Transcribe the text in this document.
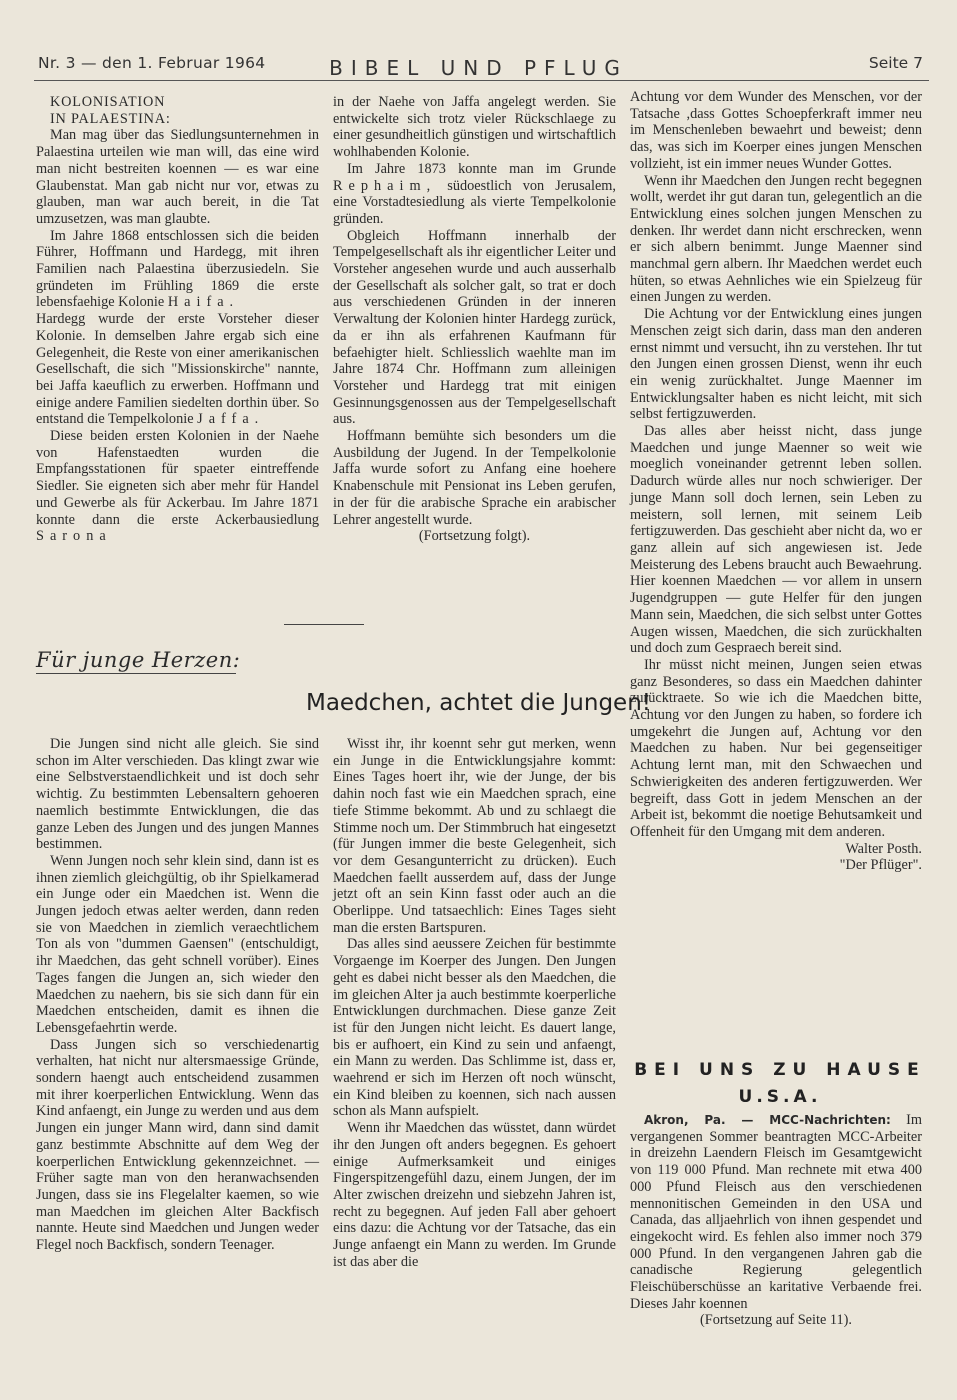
Nr. 3 — den 1. Februar 1964	BIBEL UND PFLUG	Seite 7

KOLONISATION

IN PALAESTINA:

Man mag über das Siedlungsunternehmen in Palaestina urteilen wie man will, das eine wird man nicht bestreiten koennen — es war eine Glaubenstat. Man gab nicht nur vor, etwas zu glauben, man war auch bereit, in die Tat umzusetzen, was man glaubte.

Im Jahre 1868 entschlossen sich die beiden Führer, Hoffmann und Hardegg, mit ihren Familien nach Palaestina überzusiedeln. Sie gründeten im Frühling 1869 die erste lebensfaehige Kolonie Haifa.

Hardegg wurde der erste Vorsteher dieser Kolonie. In demselben Jahre ergab sich eine Gelegenheit, die Reste von einer amerikanischen Gesellschaft, die sich "Missionskirche" nannte, bei Jaffa kaeuflich zu erwerben. Hoffmann und einige andere Familien siedelten dorthin über. So entstand die Tempelkolonie Jaffa.

Diese beiden ersten Kolonien in der Naehe von Hafenstaedten wurden die Empfangsstationen für spaeter eintreffende Siedler. Sie eigneten sich aber mehr für Handel und Gewerbe als für Ackerbau. Im Jahre 1871 konnte dann die erste Ackerbausiedlung Sarona

in der Naehe von Jaffa angelegt werden. Sie entwickelte sich trotz vieler Rückschlaege zu einer gesundheitlich günstigen und wirtschaftlich wohlhabenden Kolonie.

Im Jahre 1873 konnte man im Grunde Rephaim, südoestlich von Jerusalem, eine Vorstadtesiedlung als vierte Tempelkolonie gründen.

Obgleich Hoffmann innerhalb der Tempelgesellschaft als ihr eigentlicher Leiter und Vorsteher angesehen wurde und auch ausserhalb der Gesellschaft als solcher galt, so trat er doch aus verschiedenen Gründen in der inneren Verwaltung der Kolonien hinter Hardegg zurück, da er ihn als erfahrenen Kaufmann für befaehigter hielt. Schliesslich waehlte man im Jahre 1874 Chr. Hoffmann zum alleinigen Vorsteher und Hardegg trat mit einigen Gesinnungsgenossen aus der Tempelgesellschaft aus.

Hoffmann bemühte sich besonders um die Ausbildung der Jugend. In der Tempelkolonie Jaffa wurde sofort zu Anfang eine hoehere Knabenschule mit Pensionat ins Leben gerufen, in der für die arabische Sprache ein arabischer Lehrer angestellt wurde.

(Fortsetzung folgt).

Achtung vor dem Wunder des Menschen, vor der Tatsache ,dass Gottes Schoepferkraft immer neu im Menschenleben bewaehrt und beweist; denn das, was sich im Koerper eines jungen Menschen vollzieht, ist ein immer neues Wunder Gottes.

Wenn ihr Maedchen den Jungen recht begegnen wollt, werdet ihr gut daran tun, gelegentlich an die Entwicklung eines solchen jungen Menschen zu denken. Ihr werdet dann nicht erschrecken, wenn er sich albern benimmt. Junge Maenner sind manchmal gern albern. Ihr Maedchen werdet euch hüten, so etwas Aehnliches wie ein Spielzeug für einen Jungen zu werden.

Die Achtung vor der Entwicklung eines jungen Menschen zeigt sich darin, dass man den anderen ernst nimmt und versucht, ihn zu verstehen. Ihr tut den Jungen einen grossen Dienst, wenn ihr euch ein wenig zurückhaltet. Junge Maenner im Entwicklungsalter haben es nicht leicht, mit sich selbst fertigzuwerden.

Das alles aber heisst nicht, dass junge Maedchen und junge Maenner so weit wie moeglich voneinander getrennt leben sollen. Dadurch würde alles nur noch schwieriger. Der junge Mann soll doch lernen, sein Leben zu meistern, soll lernen, mit seinem Leib fertigzuwerden. Das geschieht aber nicht da, wo er ganz allein auf sich angewiesen ist. Jede Meisterung des Lebens braucht auch Bewaehrung. Hier koennen Maedchen — vor allem in unsern Jugendgruppen — gute Helfer für den jungen Mann sein, Maedchen, die sich selbst unter Gottes Augen wissen, Maedchen, die sich zurückhalten und doch zum Gespraech bereit sind.

Ihr müsst nicht meinen, Jungen seien etwas ganz Besonderes, so dass ein Maedchen dahinter zurücktraete. So wie ich die Maedchen bitte, Achtung vor den Jungen zu haben, so fordere ich umgekehrt die Jungen auf, Achtung vor den Maedchen zu haben. Nur bei gegenseitiger Achtung lernt man, mit den Schwaechen und Schwierigkeiten des anderen fertigzuwerden. Wer begreift, dass Gott in jedem Menschen an der Arbeit ist, bekommt die noetige Behutsamkeit und Offenheit für den Umgang mit dem anderen.

Walter Posth.

"Der Pflüger".

Für junge Herzen:
Maedchen, achtet die Jungen!

Die Jungen sind nicht alle gleich. Sie sind schon im Alter verschieden. Das klingt zwar wie eine Selbstverstaendlichkeit und ist doch sehr wichtig. Zu bestimmten Lebensaltern gehoeren naemlich bestimmte Entwicklungen, die das ganze Leben des Jungen und des jungen Mannes bestimmen.

Wenn Jungen noch sehr klein sind, dann ist es ihnen ziemlich gleichgültig, ob ihr Spielkamerad ein Junge oder ein Maedchen ist. Wenn die Jungen jedoch etwas aelter werden, dann reden sie von Maedchen in ziemlich veraechtlichem Ton als von "dummen Gaensen" (entschuldigt, ihr Maedchen, das geht schnell vorüber). Eines Tages fangen die Jungen an, sich wieder den Maedchen zu naehern, bis sie sich dann für ein Maedchen entscheiden, damit es ihnen die Lebensgefaehrtin werde.

Dass Jungen sich so verschiedenartig verhalten, hat nicht nur altersmaessige Gründe, sondern haengt auch entscheidend zusammen mit ihrer koerperlichen Entwicklung. Wenn das Kind anfaengt, ein Junge zu werden und aus dem Jungen ein junger Mann wird, dann sind damit ganz bestimmte Abschnitte auf dem Weg der koerperlichen Entwicklung gekennzeichnet. — Früher sagte man von den heranwachsenden Jungen, dass sie ins Flegelalter kaemen, so wie man Maedchen im gleichen Alter Backfisch nannte. Heute sind Maedchen und Jungen weder Flegel noch Backfisch, sondern Teenager.

Wisst ihr, ihr koennt sehr gut merken, wenn ein Junge in die Entwicklungsjahre kommt: Eines Tages hoert ihr, wie der Junge, der bis dahin noch fast wie ein Maedchen sprach, eine tiefe Stimme bekommt. Ab und zu schlaegt die Stimme noch um. Der Stimmbruch hat eingesetzt (für Jungen immer die beste Gelegenheit, sich vor dem Gesangunterricht zu drücken). Euch Maedchen faellt ausserdem auf, dass der Junge jetzt oft an sein Kinn fasst oder auch an die Oberlippe. Und tatsaechlich: Eines Tages sieht man die ersten Bartspuren.

Das alles sind aeussere Zeichen für bestimmte Vorgaenge im Koerper des Jungen. Den Jungen geht es dabei nicht besser als den Maedchen, die im gleichen Alter ja auch bestimmte koerperliche Entwicklungen durchmachen. Diese ganze Zeit ist für den Jungen nicht leicht. Es dauert lange, bis er aufhoert, ein Kind zu sein und anfaengt, ein Mann zu werden. Das Schlimme ist, dass er, waehrend er sich im Herzen oft noch wünscht, ein Kind bleiben zu koennen, sich nach aussen schon als Mann aufspielt.

Wenn ihr Maedchen das wüsstet, dann würdet ihr den Jungen oft anders begegnen. Es gehoert einige Aufmerksamkeit und einiges Fingerspitzengefühl dazu, einem Jungen, der im Alter zwischen dreizehn und siebzehn Jahren ist, recht zu begegnen. Auf jeden Fall aber gehoert eins dazu: die Achtung vor der Tatsache, das ein Junge anfaengt ein Mann zu werden. Im Grunde ist das aber die

BEI UNS ZU HAUSE
U.S.A.

Akron, Pa. — MCC-Nachrichten: Im vergangenen Sommer beantragten MCC-Arbeiter in dreizehn Laendern Fleisch im Gesamtgewicht von 119 000 Pfund. Man rechnete mit etwa 400 000 Pfund Fleisch aus den verschiedenen mennonitischen Gemeinden in den USA und Canada, das alljaehrlich von ihnen gespendet und eingekocht wird. Es fehlen also immer noch 379 000 Pfund. In den vergangenen Jahren gab die canadische Regierung gelegentlich Fleischüberschüsse an karitative Verbaende frei. Dieses Jahr koennen

(Fortsetzung auf Seite 11).
